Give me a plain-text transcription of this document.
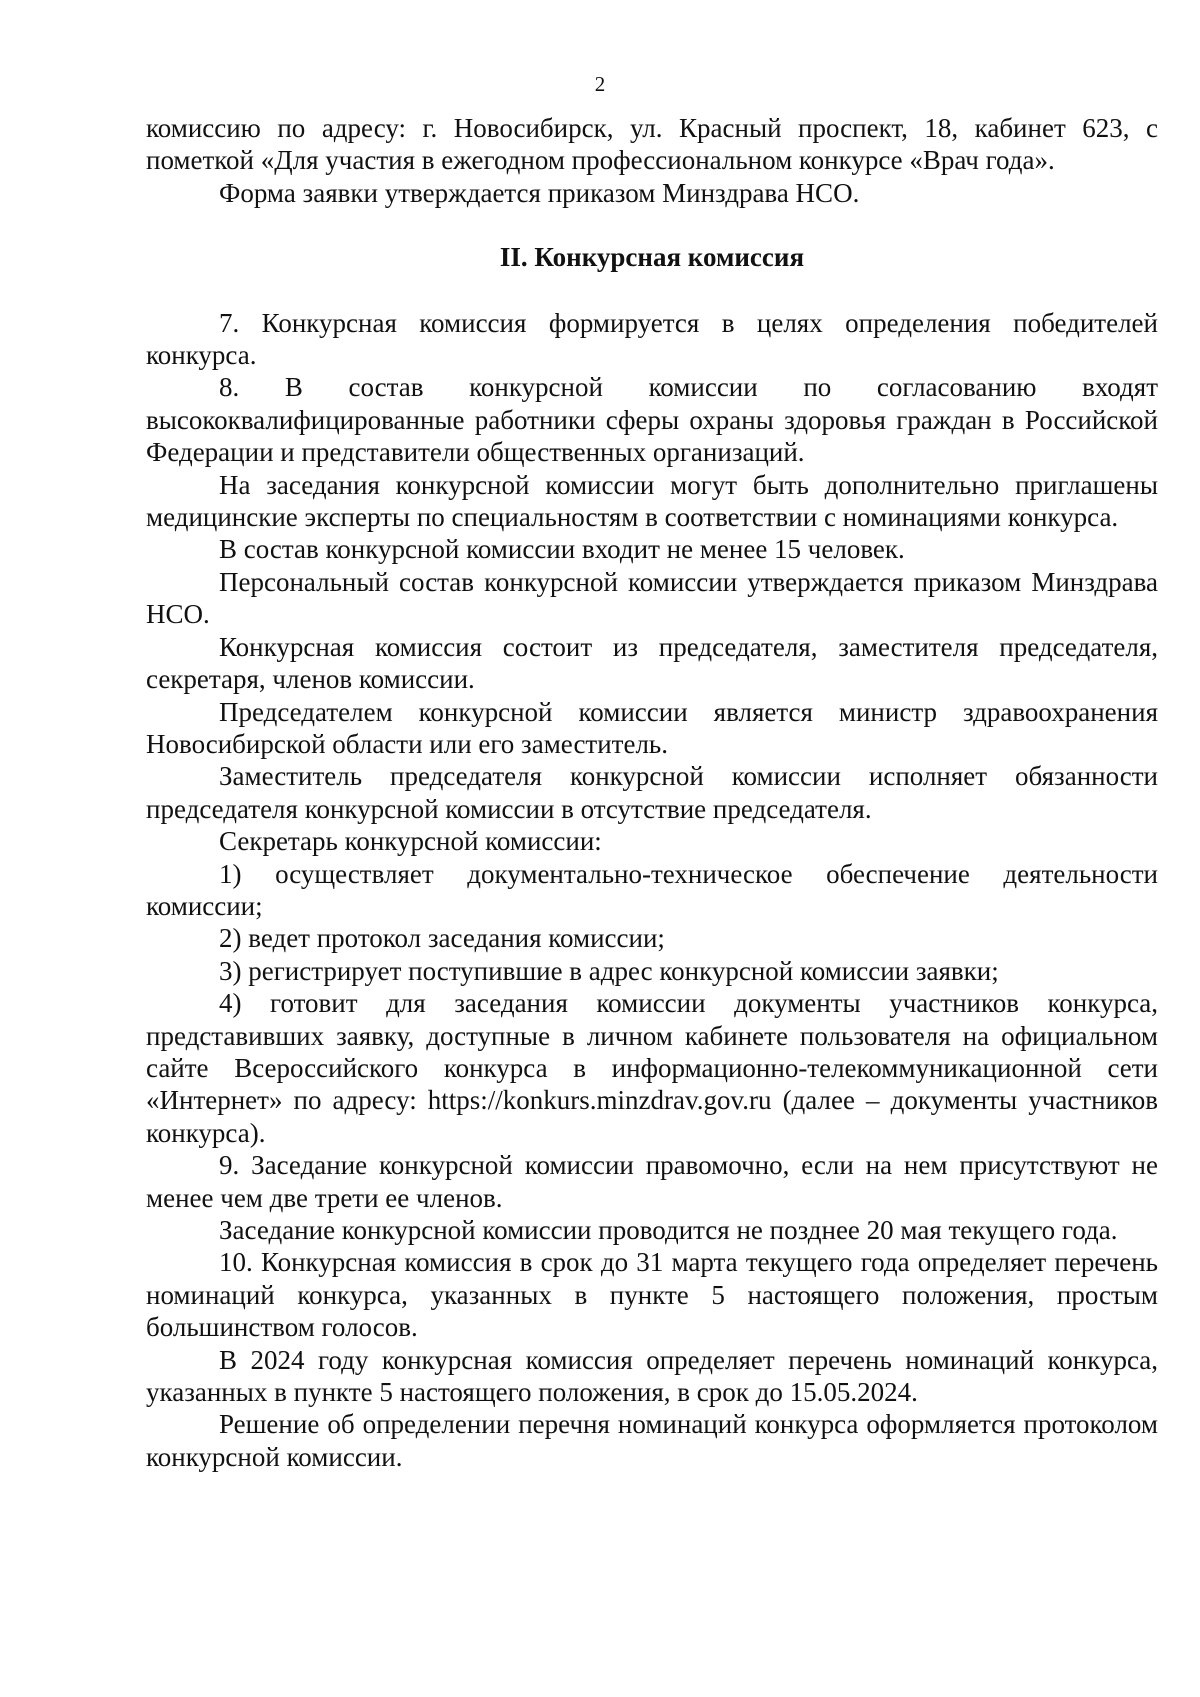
2

комиссию по адресу: г. Новосибирск, ул. Красный проспект, 18, кабинет 623, с пометкой «Для участия в ежегодном профессиональном конкурсе «Врач года».

Форма заявки утверждается приказом Минздрава НСО.

II. Конкурсная комиссия

7. Конкурсная комиссия формируется в целях определения победителей конкурса.

8. В состав конкурсной комиссии по согласованию входят высококвалифицированные работники сферы охраны здоровья граждан в Российской Федерации и представители общественных организаций.

На заседания конкурсной комиссии могут быть дополнительно приглашены медицинские эксперты по специальностям в соответствии с номинациями конкурса.

В состав конкурсной комиссии входит не менее 15 человек.

Персональный состав конкурсной комиссии утверждается приказом Минздрава НСО.

Конкурсная комиссия состоит из председателя, заместителя председателя, секретаря, членов комиссии.

Председателем конкурсной комиссии является министр здравоохранения Новосибирской области или его заместитель.

Заместитель председателя конкурсной комиссии исполняет обязанности председателя конкурсной комиссии в отсутствие председателя.

Секретарь конкурсной комиссии:

1) осуществляет документально-техническое обеспечение деятельности комиссии;

2) ведет протокол заседания комиссии;

3) регистрирует поступившие в адрес конкурсной комиссии заявки;

4) готовит для заседания комиссии документы участников конкурса, представивших заявку, доступные в личном кабинете пользователя на официальном сайте Всероссийского конкурса в информационно-телекоммуникационной сети «Интернет» по адресу: https://konkurs.minzdrav.gov.ru (далее – документы участников конкурса).

9. Заседание конкурсной комиссии правомочно, если на нем присутствуют не менее чем две трети ее членов.

Заседание конкурсной комиссии проводится не позднее 20 мая текущего года.

10. Конкурсная комиссия в срок до 31 марта текущего года определяет перечень номинаций конкурса, указанных в пункте 5 настоящего положения, простым большинством голосов.

В 2024 году конкурсная комиссия определяет перечень номинаций конкурса, указанных в пункте 5 настоящего положения, в срок до 15.05.2024.

Решение об определении перечня номинаций конкурса оформляется протоколом конкурсной комиссии.
